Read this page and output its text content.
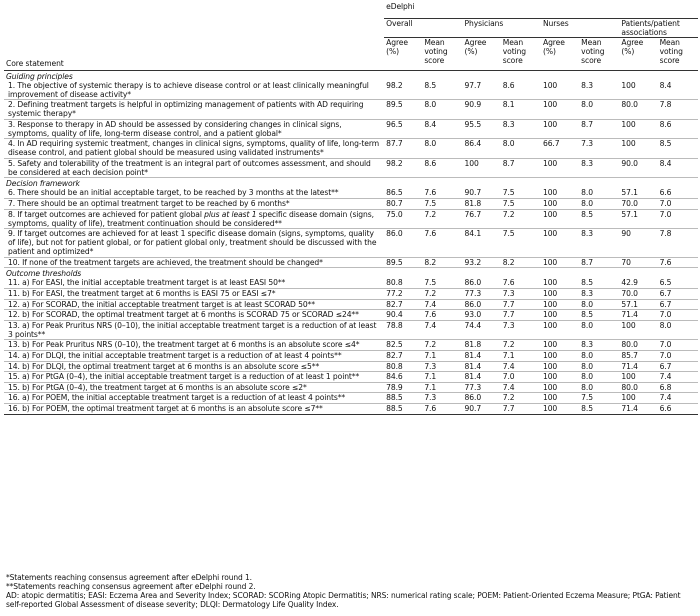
	eDelphi							
	Overall		Physicians		Nurses		Patients/patient associations	
Core statement	Agree (%)	Mean voting score	Agree (%)	Mean voting score	Agree (%)	Mean voting score	Agree (%)	Mean voting score
Guiding principles								
1. The objective of systemic therapy is to achieve disease control or at least clinically meaningful improvement of disease activity*	98.2	8.5	97.7	8.6	100	8.3	100	8.4
2. Defining treatment targets is helpful in optimizing management of patients with AD requiring systemic therapy*	89.5	8.0	90.9	8.1	100	8.0	80.0	7.8
3. Response to therapy in AD should be assessed by considering changes in clinical signs, symptoms, quality of life, long-term disease control, and a patient global*	96.5	8.4	95.5	8.3	100	8.7	100	8.6
4. In AD requiring systemic treatment, changes in clinical signs, symptoms, quality of life, long-term disease control, and patient global should be measured using validated instruments*	87.7	8.0	86.4	8.0	66.7	7.3	100	8.5
5. Safety and tolerability of the treatment is an integral part of outcomes assessment, and should be considered at each decision point*	98.2	8.6	100	8.7	100	8.3	90.0	8.4
Decision framework								
6. There should be an initial acceptable target, to be reached by 3 months at the latest**	86.5	7.6	90.7	7.5	100	8.0	57.1	6.6
7. There should be an optimal treatment target to be reached by 6 months*	80.7	7.5	81.8	7.5	100	8.0	70.0	7.0
8. If target outcomes are achieved for patient global plus at least 1 specific disease domain (signs, symptoms, quality of life), treatment continuation should be considered**	75.0	7.2	76.7	7.2	100	8.5	57.1	7.0
9. If target outcomes are achieved for at least 1 specific disease domain (signs, symptoms, quality of life), but not for patient global, or for patient global only, treatment should be discussed with the patient and optimized*	86.0	7.6	84.1	7.5	100	8.3	90	7.8
10. If none of the treatment targets are achieved, the treatment should be changed*	89.5	8.2	93.2	8.2	100	8.7	70	7.6
Outcome thresholds								
11. a) For EASI, the initial acceptable treatment target is at least EASI 50**	80.8	7.5	86.0	7.6	100	8.5	42.9	6.5
11. b) For EASI, the treatment target at 6 months is EASI 75 or EASI ≤7*	77.2	7.2	77.3	7.3	100	8.3	70.0	6.7
12. a) For SCORAD, the initial acceptable treatment target is at least SCORAD 50**	82.7	7.4	86.0	7.7	100	8.0	57.1	6.7
12. b) For SCORAD, the optimal treatment target at 6 months is SCORAD 75 or SCORAD ≤24**	90.4	7.6	93.0	7.7	100	8.5	71.4	7.0
13. a) For Peak Pruritus NRS (0–10), the initial acceptable treatment target is a reduction of at least 3 points**	78.8	7.4	74.4	7.3	100	8.0	100	8.0
13. b) For Peak Pruritus NRS (0–10), the treatment target at 6 months is an absolute score ≤4*	82.5	7.2	81.8	7.2	100	8.3	80.0	7.0
14. a) For DLQI, the initial acceptable treatment target is a reduction of at least 4 points**	82.7	7.1	81.4	7.1	100	8.0	85.7	7.0
14. b) For DLQI, the optimal treatment target at 6 months is an absolute score ≤5**	80.8	7.3	81.4	7.4	100	8.0	71.4	6.7
15. a) For PtGA (0–4), the initial acceptable treatment target is a reduction of at least 1 point**	84.6	7.1	81.4	7.0	100	8.0	100	7.4
15. b) For PtGA (0–4), the treatment target at 6 months is an absolute score ≤2*	78.9	7.1	77.3	7.4	100	8.0	80.0	6.8
16. a) For POEM, the initial acceptable treatment target is a reduction of at least 4 points**	88.5	7.3	86.0	7.2	100	7.5	100	7.4
16. b) For POEM, the optimal treatment target at 6 months is an absolute score ≤7**	88.5	7.6	90.7	7.7	100	8.5	71.4	6.6
*Statements reaching consensus agreement after eDelphi round 1.
**Statements reaching consensus agreement after eDelphi round 2.
AD: atopic dermatitis; EASI: Eczema Area and Severity Index; SCORAD: SCORing Atopic Dermatitis; NRS: numerical rating scale; POEM: Patient-Oriented Eczema Measure; PtGA: Patient self-reported Global Assessment of disease severity; DLQI: Dermatology Life Quality Index.
